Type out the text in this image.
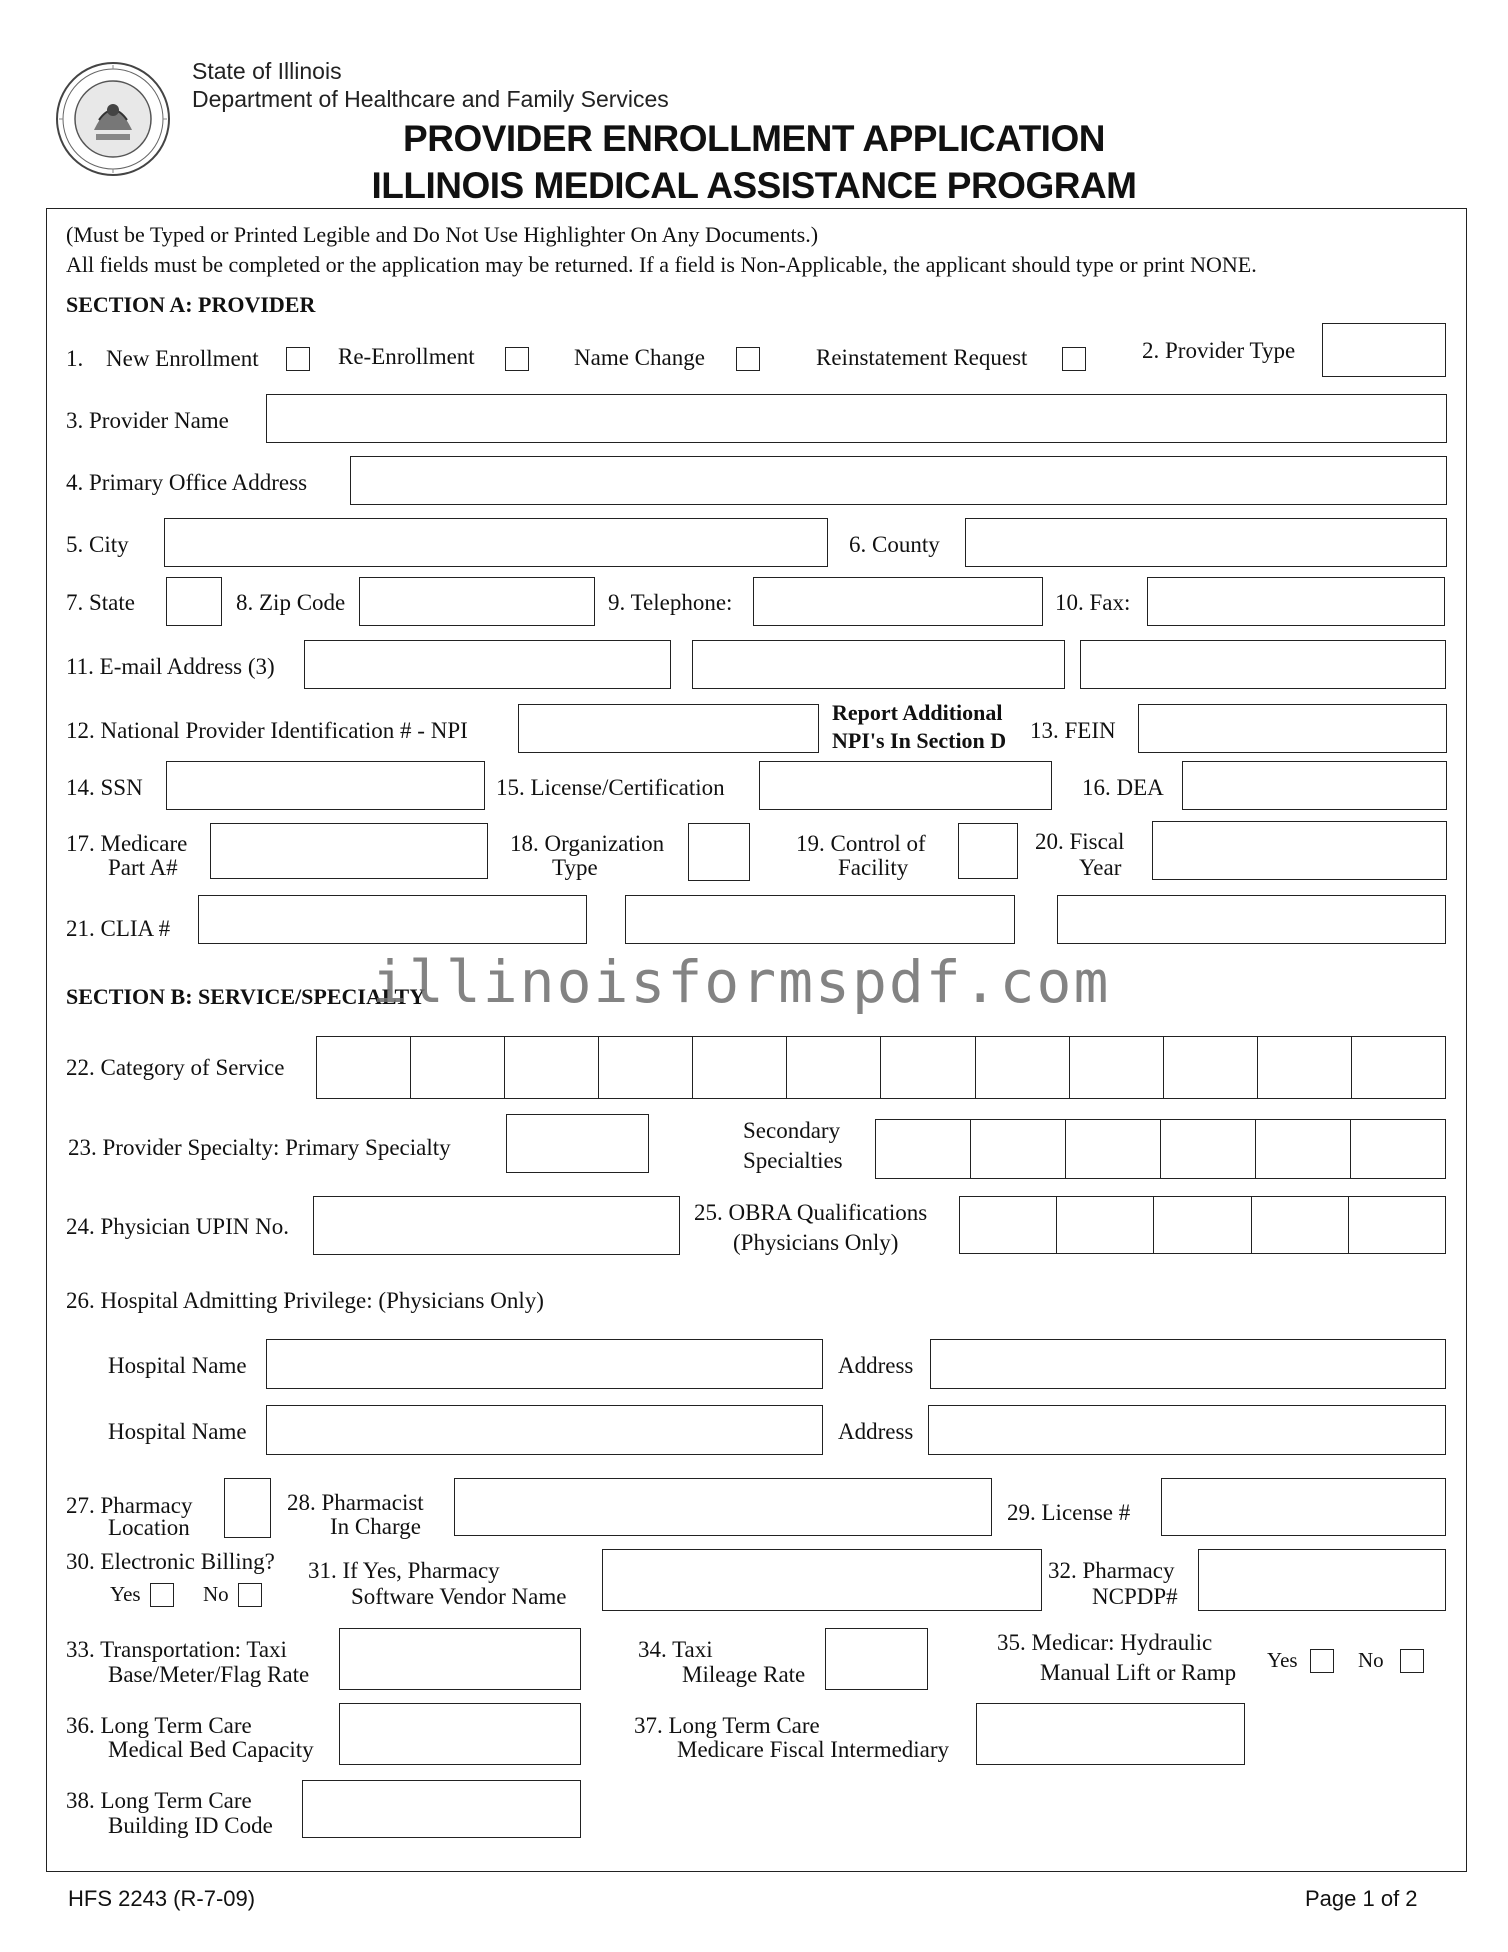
State of Illinois
Department of Healthcare and Family Services
PROVIDER ENROLLMENT APPLICATION
ILLINOIS MEDICAL ASSISTANCE PROGRAM
(Must be Typed or Printed Legible and Do Not Use Highlighter On Any Documents.)
All fields must be completed or the application may be returned. If a field is Non-Applicable, the applicant should type or print NONE.
SECTION A: PROVIDER
1. New Enrollment	Re-Enrollment	Name Change	Reinstatement Request	2. Provider Type
3. Provider Name
4. Primary Office Address
5. City	6. County
7. State	8. Zip Code	9. Telephone:	10. Fax:
11. E-mail Address (3)
12. National Provider Identification # - NPI
Report Additional
NPI's In Section D 13. FEIN
14. SSN	15. License/Certification	16. DEA
17. Medicare
Part A#
18. Organization
Type
19. Control of
Facility
20. Fiscal
Year
21. CLIA #
SECTION B: SERVICE/SPECIALTY
illinoisformspdf.com
22. Category of Service
23. Provider Specialty: Primary Specialty
Secondary
Specialties
24. Physician UPIN No.
25. OBRA Qualifications
(Physicians Only)
26. Hospital Admitting Privilege: (Physicians Only)
Hospital Name	Address
Hospital Name	Address
27. Pharmacy
Location
28. Pharmacist
In Charge
29. License #
30. Electronic Billing?
Yes	No
31. If Yes, Pharmacy
Software Vendor Name
32. Pharmacy
NCPDP#
33. Transportation: Taxi
Base/Meter/Flag Rate
34. Taxi
Mileage Rate
35. Medicar: Hydraulic
Manual Lift or Ramp Yes	No
36. Long Term Care
Medical Bed Capacity
37. Long Term Care
Medicare Fiscal Intermediary
38. Long Term Care
Building ID Code
HFS 2243 (R-7-09)	Page 1 of 2
